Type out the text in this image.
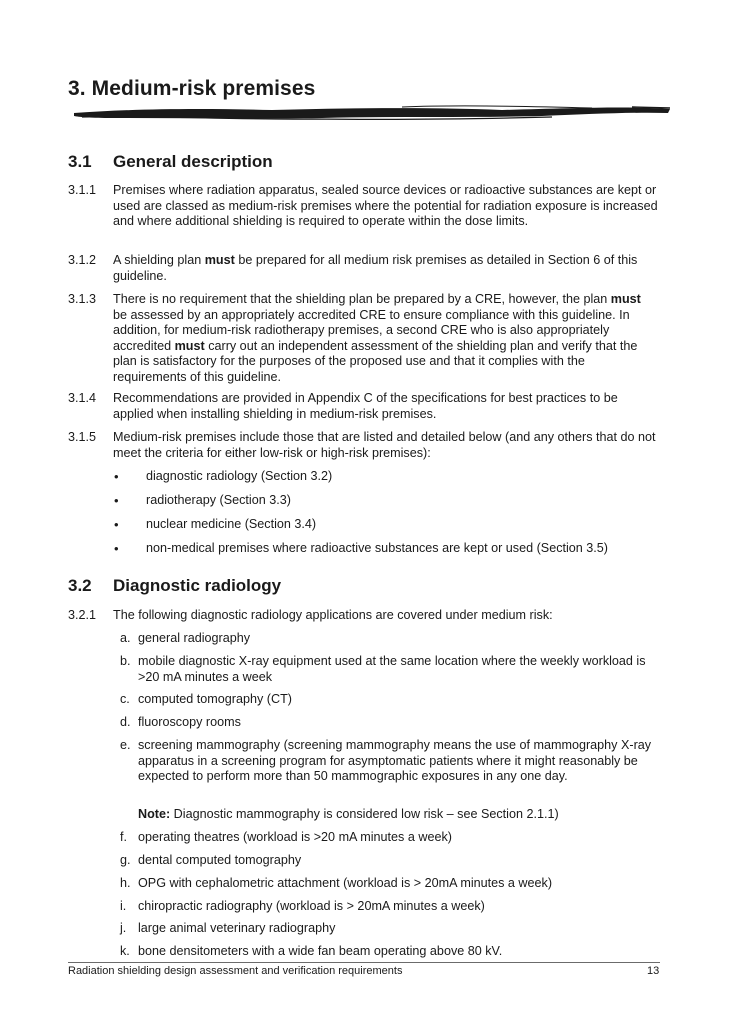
3. Medium-risk premises
3.1 General description
3.1.1 Premises where radiation apparatus, sealed source devices or radioactive substances are kept or used are classed as medium-risk premises where the potential for radiation exposure is increased and where additional shielding is required to operate within the dose limits.
3.1.2 A shielding plan must be prepared for all medium risk premises as detailed in Section 6 of this guideline.
3.1.3 There is no requirement that the shielding plan be prepared by a CRE, however, the plan must be assessed by an appropriately accredited CRE to ensure compliance with this guideline. In addition, for medium-risk radiotherapy premises, a second CRE who is also appropriately accredited must carry out an independent assessment of the shielding plan and verify that the plan is satisfactory for the purposes of the proposed use and that it complies with the requirements of this guideline.
3.1.4 Recommendations are provided in Appendix C of the specifications for best practices to be applied when installing shielding in medium-risk premises.
3.1.5 Medium-risk premises include those that are listed and detailed below (and any others that do not meet the criteria for either low-risk or high-risk premises):
• diagnostic radiology (Section 3.2)
• radiotherapy (Section 3.3)
• nuclear medicine (Section 3.4)
• non-medical premises where radioactive substances are kept or used (Section 3.5)
3.2 Diagnostic radiology
3.2.1 The following diagnostic radiology applications are covered under medium risk:
a. general radiography
b. mobile diagnostic X-ray equipment used at the same location where the weekly workload is >20 mA minutes a week
c. computed tomography (CT)
d. fluoroscopy rooms
e. screening mammography (screening mammography means the use of mammography X-ray apparatus in a screening program for asymptomatic patients where it might reasonably be expected to perform more than 50 mammographic exposures in any one day.
Note: Diagnostic mammography is considered low risk – see Section 2.1.1)
f. operating theatres (workload is >20 mA minutes a week)
g. dental computed tomography
h. OPG with cephalometric attachment (workload is > 20mA minutes a week)
i. chiropractic radiography (workload is > 20mA minutes a week)
j. large animal veterinary radiography
k. bone densitometers with a wide fan beam operating above 80 kV.
Radiation shielding design assessment and verification requirements	13
